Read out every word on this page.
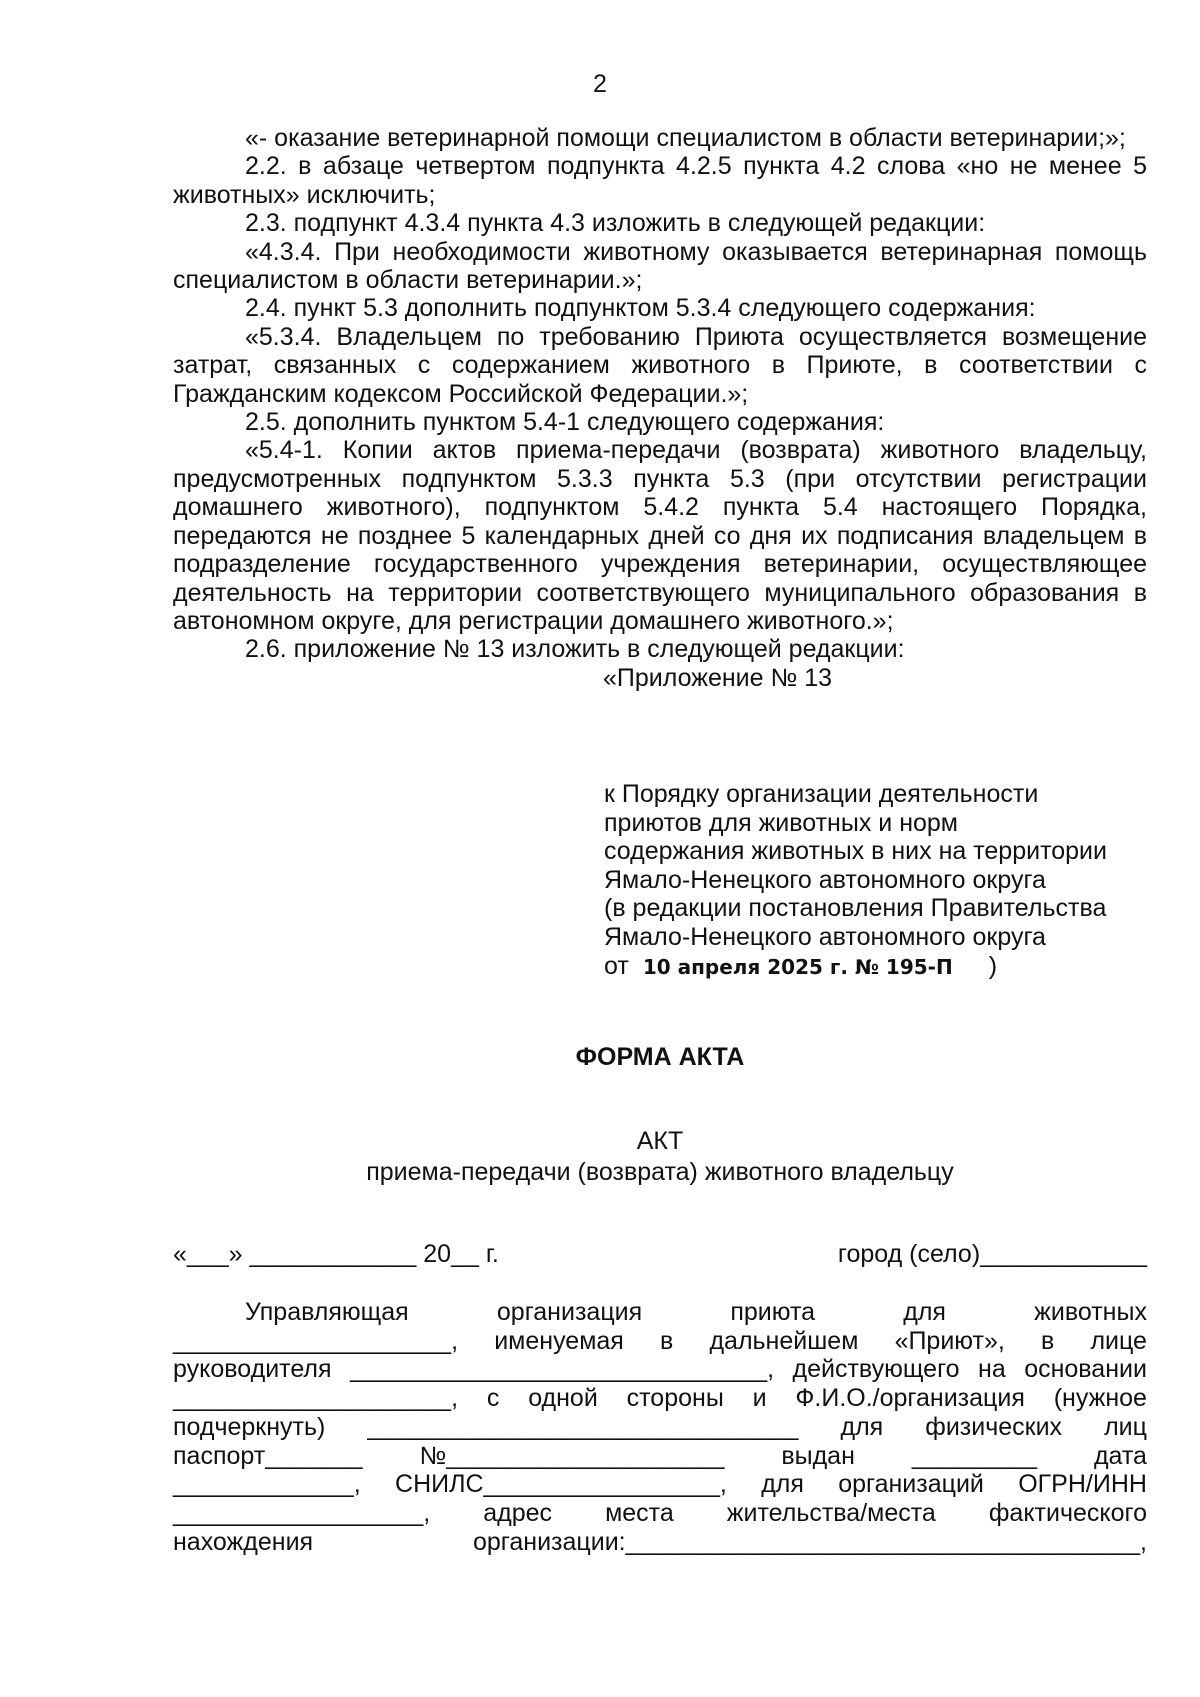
2

«- оказание ветеринарной помощи специалистом в области ветеринарии;»;

2.2. в абзаце четвертом подпункта 4.2.5 пункта 4.2 слова «но не менее 5 животных» исключить;

2.3. подпункт 4.3.4 пункта 4.3 изложить в следующей редакции:

«4.3.4. При необходимости животному оказывается ветеринарная помощь специалистом в области ветеринарии.»;

2.4. пункт 5.3 дополнить подпунктом 5.3.4 следующего содержания:

«5.3.4. Владельцем по требованию Приюта осуществляется возмещение затрат, связанных с содержанием животного в Приюте, в соответствии с Гражданским кодексом Российской Федерации.»;

2.5. дополнить пунктом 5.4-1 следующего содержания:

«5.4-1. Копии актов приема-передачи (возврата) животного владельцу, предусмотренных подпунктом 5.3.3 пункта 5.3 (при отсутствии регистрации домашнего животного), подпунктом 5.4.2 пункта 5.4 настоящего Порядка, передаются не позднее 5 календарных дней со дня их подписания владельцем в подразделение государственного учреждения ветеринарии, осуществляющее деятельность на территории соответствующего муниципального образования в автономном округе, для регистрации домашнего животного.»;

2.6. приложение № 13 изложить в следующей редакции:

«Приложение № 13
к Порядку организации деятельности
приютов для животных и норм
содержания животных в них на территории
Ямало-Ненецкого автономного округа
(в редакции постановления Правительства
Ямало-Ненецкого автономного округа
от 10 апреля 2025 г. № 195-П )
ФОРМА АКТА
АКТ
приема-передачи (возврата) животного владельцу
«___» ____________ 20__ г.	город (село)____________
Управляющая	организация	приюта	для	животных
____________________, именуемая в дальнейшем «Приют», в лице
руководителя ______________________________, действующего на основании
____________________, с одной стороны и Ф.И.О./организация (нужное
подчеркнуть) _______________________________ для физических лиц
паспорт_______ №____________________ выдан _________ дата
_____________, СНИЛС_________________, для организаций ОГРН/ИНН
__________________, адрес места жительства/места фактического
нахождения	организации:_____________________________________,
